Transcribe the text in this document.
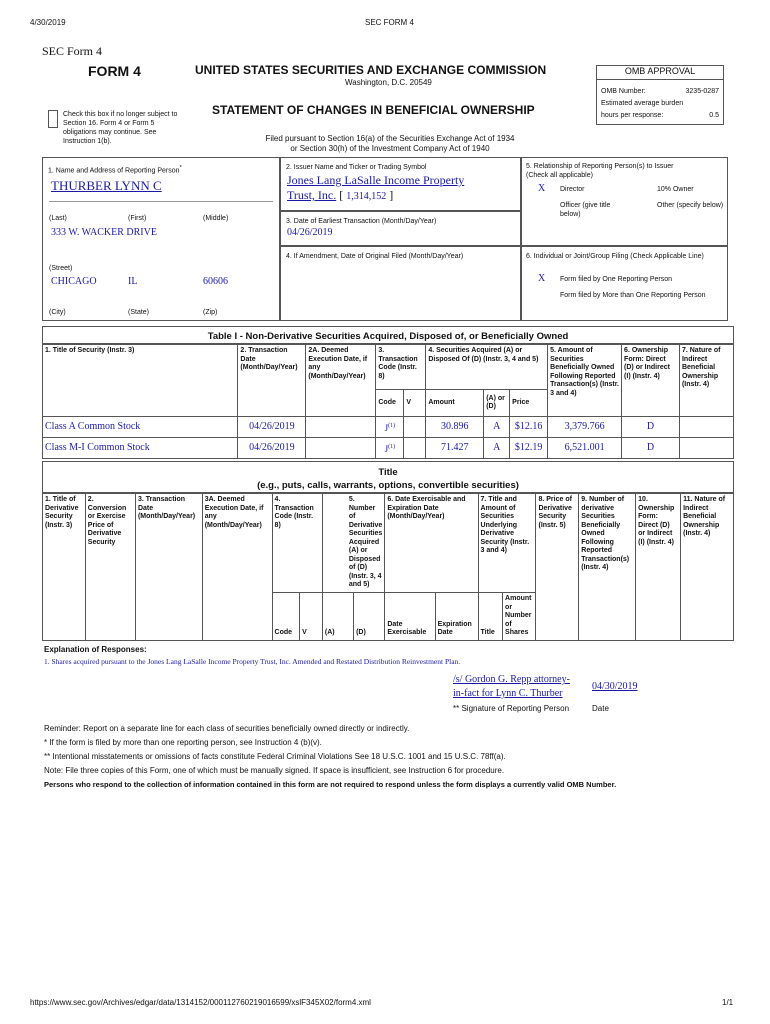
4/30/2019	SEC FORM 4
SEC Form 4
FORM 4	UNITED STATES SECURITIES AND EXCHANGE COMMISSION
Washington, D.C. 20549
Check this box if no longer subject to Section 16. Form 4 or Form 5 obligations may continue. See Instruction 1(b).
STATEMENT OF CHANGES IN BENEFICIAL OWNERSHIP
Filed pursuant to Section 16(a) of the Securities Exchange Act of 1934
or Section 30(h) of the Investment Company Act of 1940
OMB APPROVAL
OMB Number:	3235-0287
Estimated average burden
hours per response:	0.5
1. Name and Address of Reporting Person*
THURBER LYNN C
(Last)	(First)	(Middle)
333 W. WACKER DRIVE
(Street)
CHICAGO	IL	60606
(City)	(State)	(Zip)
2. Issuer Name and Ticker or Trading Symbol
Jones Lang LaSalle Income Property
Trust, Inc. [ 1,314,152 ]
3. Date of Earliest Transaction (Month/Day/Year)
04/26/2019
4. If Amendment, Date of Original Filed (Month/Day/Year)
5. Relationship of Reporting Person(s) to Issuer
(Check all applicable)
X Director	10% Owner
Officer (give title below)
Other (specify below)
6. Individual or Joint/Group Filing (Check Applicable Line)
X Form filed by One Reporting Person
Form filed by More than One Reporting Person
Table I - Non-Derivative Securities Acquired, Disposed of, or Beneficially Owned
1. Title of Security (Instr. 3)	2. Transaction Date (Month/Day/Year)	2A. Deemed Execution Date, if any (Month/Day/Year)	3. Transaction Code (Instr. 8)		4. Securities Acquired (A) or Disposed Of (D) (Instr. 3, 4 and 5)			5. Amount of Securities Beneficially Owned Following Reported Transaction(s) (Instr. 3 and 4)	6. Ownership Form: Direct (D) or Indirect (I) (Instr. 4)	7. Nature of Indirect Beneficial Ownership (Instr. 4)
			Code	V	Amount	(A) or (D)	Price			
Class A Common Stock	04/26/2019		$J^{(1)}$		30.896	A	$12.16	3,379.766	D	
Class M-I Common Stock	04/26/2019		$J^{(1)}$		71.427	A	$12.19	6,521.001	D	
Title
(e.g., puts, calls, warrants, options, convertible securities)
1. Title of Derivative Security (Instr. 3)	2. Conversion or Exercise Price of Derivative Security	3. Transaction Date (Month/Day/Year)	3A. Deemed Execution Date, if any (Month/Day/Year)	4. Transaction Code (Instr. 8)		5. Number of Derivative Securities Acquired (A) or Disposed of (D) (Instr. 3, 4 and 5)		6. Date Exercisable and Expiration Date (Month/Day/Year)		7. Title and Amount of Securities Underlying Derivative Security (Instr. 3 and 4)		8. Price of Derivative Security (Instr. 5)	9. Number of derivative Securities Beneficially Owned Following Reported Transaction(s) (Instr. 4)	10. Ownership Form: Direct (D) or Indirect (I) (Instr. 4)	11. Nature of Indirect Beneficial Ownership (Instr. 4)
				Code	V	(A)	(D)	Date Exercisable	Expiration Date	Title	Amount or Number of Shares				
Explanation of Responses:
1. Shares acquired pursuant to the Jones Lang LaSalle Income Property Trust, Inc. Amended and Restated Distribution Reinvestment Plan.
/s/ Gordon G. Repp attorney-
in-fact for Lynn C. Thurber
04/30/2019
** Signature of Reporting Person	Date
Reminder: Report on a separate line for each class of securities beneficially owned directly or indirectly.
* If the form is filed by more than one reporting person, see Instruction 4 (b)(v).
** Intentional misstatements or omissions of facts constitute Federal Criminal Violations See 18 U.S.C. 1001 and 15 U.S.C. 78ff(a).
Note: File three copies of this Form, one of which must be manually signed. If space is insufficient, see Instruction 6 for procedure.
Persons who respond to the collection of information contained in this form are not required to respond unless the form displays a currently valid OMB Number.
https://www.sec.gov/Archives/edgar/data/1314152/000112760219016599/xslF345X02/form4.xml	1/1
